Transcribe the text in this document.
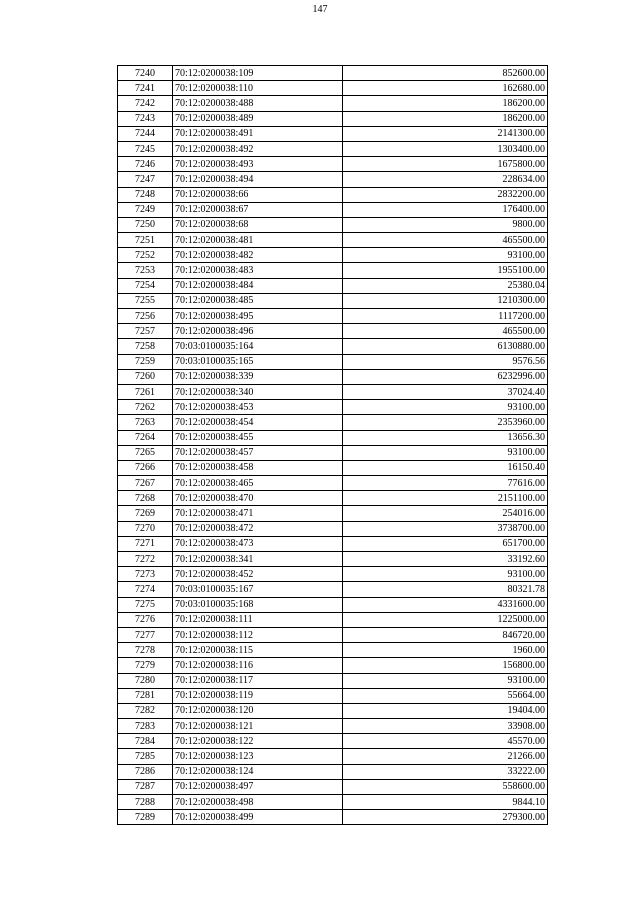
147
7240	70:12:0200038:109	852600.00
7241	70:12:0200038:110	162680.00
7242	70:12:0200038:488	186200.00
7243	70:12:0200038:489	186200.00
7244	70:12:0200038:491	2141300.00
7245	70:12:0200038:492	1303400.00
7246	70:12:0200038:493	1675800.00
7247	70:12:0200038:494	228634.00
7248	70:12:0200038:66	2832200.00
7249	70:12:0200038:67	176400.00
7250	70:12:0200038:68	9800.00
7251	70:12:0200038:481	465500.00
7252	70:12:0200038:482	93100.00
7253	70:12:0200038:483	1955100.00
7254	70:12:0200038:484	25380.04
7255	70:12:0200038:485	1210300.00
7256	70:12:0200038:495	1117200.00
7257	70:12:0200038:496	465500.00
7258	70:03:0100035:164	6130880.00
7259	70:03:0100035:165	9576.56
7260	70:12:0200038:339	6232996.00
7261	70:12:0200038:340	37024.40
7262	70:12:0200038:453	93100.00
7263	70:12:0200038:454	2353960.00
7264	70:12:0200038:455	13656.30
7265	70:12:0200038:457	93100.00
7266	70:12:0200038:458	16150.40
7267	70:12:0200038:465	77616.00
7268	70:12:0200038:470	2151100.00
7269	70:12:0200038:471	254016.00
7270	70:12:0200038:472	3738700.00
7271	70:12:0200038:473	651700.00
7272	70:12:0200038:341	33192.60
7273	70:12:0200038:452	93100.00
7274	70:03:0100035:167	80321.78
7275	70:03:0100035:168	4331600.00
7276	70:12:0200038:111	1225000.00
7277	70:12:0200038:112	846720.00
7278	70:12:0200038:115	1960.00
7279	70:12:0200038:116	156800.00
7280	70:12:0200038:117	93100.00
7281	70:12:0200038:119	55664.00
7282	70:12:0200038:120	19404.00
7283	70:12:0200038:121	33908.00
7284	70:12:0200038:122	45570.00
7285	70:12:0200038:123	21266.00
7286	70:12:0200038:124	33222.00
7287	70:12:0200038:497	558600.00
7288	70:12:0200038:498	9844.10
7289	70:12:0200038:499	279300.00
